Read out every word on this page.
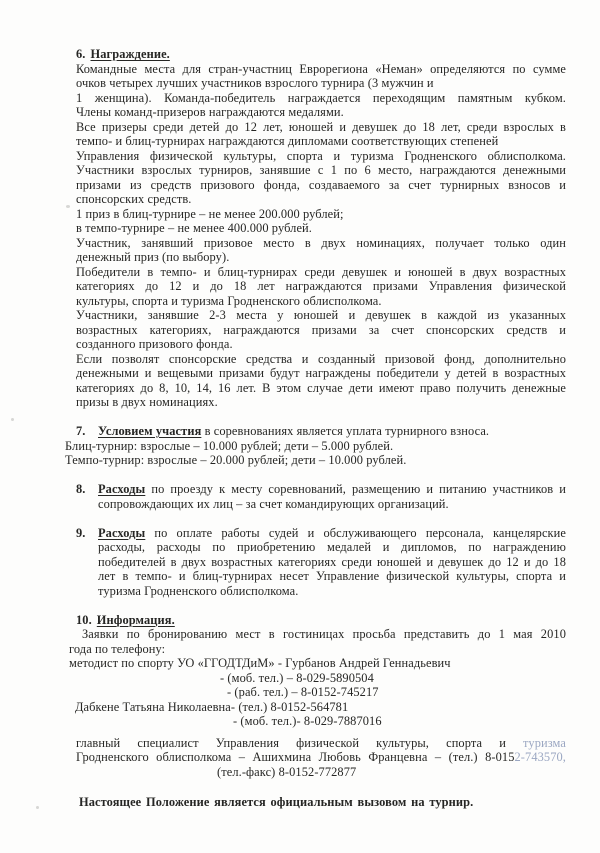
6. Награждение.
Командные места для стран-участниц Еврорегиона «Неман» определяются по сумме
очков четырех лучших участников взрослого турнира (3 мужчин и
1 женщина). Команда-победитель награждается переходящим памятным кубком.
Члены команд-призеров награждаются медалями.
Все призеры среди детей до 12 лет, юношей и девушек до 18 лет, среди взрослых в
темпо- и блиц-турнирах награждаются дипломами соответствующих степеней
Управления физической культуры, спорта и туризма Гродненского облисполкома.
Участники взрослых турниров, занявшие с 1 по 6 место, награждаются денежными
призами из средств призового фонда, создаваемого за счет турнирных взносов и
спонсорских средств.
1 приз в блиц-турнире – не менее 200.000 рублей;
в темпо-турнире – не менее 400.000 рублей.
Участник, занявший призовое место в двух номинациях, получает только один
денежный приз (по выбору).
Победители в темпо- и блиц-турнирах среди девушек и юношей в двух возрастных
категориях до 12 и до 18 лет награждаются призами Управления физической
культуры, спорта и туризма Гродненского облисполкома.
Участники, занявшие 2-3 места у юношей и девушек в каждой из указанных
возрастных категориях, награждаются призами за счет спонсорских средств и
созданного призового фонда.
Если позволят спонсорские средства и созданный призовой фонд, дополнительно
денежными и вещевыми призами будут награждены победители у детей в возрастных
категориях до 8, 10, 14, 16 лет. В этом случае дети имеют право получить денежные
призы в двух номинациях.
7. Условием участия в соревнованиях является уплата турнирного взноса.
Блиц-турнир: взрослые – 10.000 рублей; дети – 5.000 рублей.
Темпо-турнир: взрослые – 20.000 рублей; дети – 10.000 рублей.
8. Расходы по проезду к месту соревнований, размещению и питанию участников и
сопровождающих их лиц – за счет командирующих организаций.
9. Расходы по оплате работы судей и обслуживающего персонала, канцелярские
расходы, расходы по приобретению медалей и дипломов, по награждению
победителей в двух возрастных категориях среди юношей и девушек до 12 и до 18
лет в темпо- и блиц-турнирах несет Управление физической культуры, спорта и
туризма Гродненского облисполкома.
10. Информация.
Заявки по бронированию мест в гостиницах просьба представить до 1 мая 2010
года по телефону:
методист по спорту УО «ГГОДТДиМ» - Гурбанов Андрей Геннадьевич
- (моб. тел.) – 8-029-5890504
- (раб. тел.) – 8-0152-745217
Дабкене Татьяна Николаевна- (тел.) 8-0152-564781
- (моб. тел.)- 8-029-7887016
главный специалист Управления физической культуры, спорта и туризма
Гродненского облисполкома – Ашихмина Любовь Францевна – (тел.) 8-0152-743570,
(тел.-факс) 8-0152-772877
Настоящее Положение является официальным вызовом на турнир.
